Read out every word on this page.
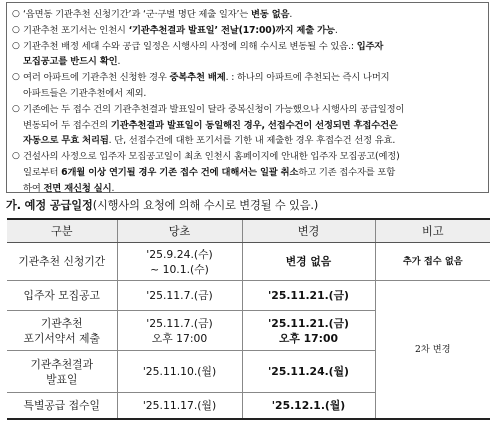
○ ‘읍면동 기관추천 신청기간’과 ‘군·구별 명단 제출 일자’는 변동 없음.
○ 기관추천 포기서는 인천시 ‘기관추천결과 발표일’ 전날(17:00)까지 제출 가능.
○ 기관추천 배정 세대 수와 공급 일정은 시행사의 사정에 의해 수시로 변동될 수 있음.: 입주자
모집공고를 반드시 확인.
○ 여러 아파트에 기관추천 신청한 경우 중복추천 배제. : 하나의 아파트에 추천되는 즉시 나머지
아파트들은 기관추천에서 제외.
○ 기존에는 두 접수 건의 기관추천결과 발표일이 달라 중복신청이 가능했으나 시행사의 공급일정이
변동되어 두 접수건의 기관추천결과 발표일이 동일해진 경우, 선접수건이 선정되면 후접수건은
자동으로 무효 처리됨. 단, 선접수건에 대한 포기서를 기한 내 제출한 경우 후접수건 선정 유효.
○ 건설사의 사정으로 입주자 모집공고일이 최초 인천시 홈페이지에 안내한 입주자 모집공고(예정)
일로부터 6개월 이상 연기될 경우 기존 접수 건에 대해서는 일괄 취소하고 기존 접수자를 포함
하여 전면 재신청 실시.
가. 예정 공급일정(시행사의 요청에 의해 수시로 변경될 수 있음.)
구분	당초	변경	비고

기관추천 신청기간	'25.9.24.(수)
~ 10.1.(수)	변경 없음	추가 접수 없음

입주자 모집공고	'25.11.7.(금)	'25.11.21.(금)	2차 변경

기관추천
포기서약서 제출	'25.11.7.(금)
오후 17:00	'25.11.21.(금)
오후 17:00	

기관추천결과
발표일	'25.11.10.(월)	'25.11.24.(월)	

특별공급 접수일	'25.11.17.(월)	'25.12.1.(월)	
